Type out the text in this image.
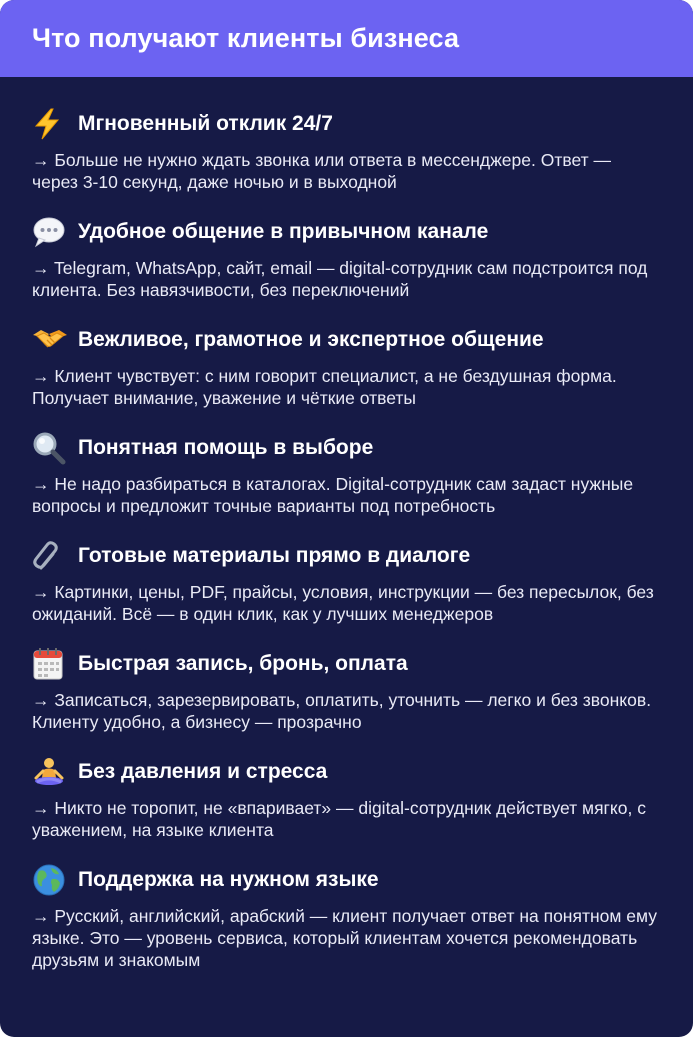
Что получают клиенты бизнеса
Мгновенный отклик 24/7
→ Больше не нужно ждать звонка или ответа в мессенджере. Ответ — через 3-10 секунд, даже ночью и в выходной
Удобное общение в привычном канале
→ Telegram, WhatsApp, сайт, email — digital-сотрудник сам подстроится под клиента. Без навязчивости, без переключений
Вежливое, грамотное и экспертное общение
→ Клиент чувствует: с ним говорит специалист, а не бездушная форма. Получает внимание, уважение и чёткие ответы
Понятная помощь в выборе
→ Не надо разбираться в каталогах. Digital-сотрудник сам задаст нужные вопросы и предложит точные варианты под потребность
Готовые материалы прямо в диалоге
→ Картинки, цены, PDF, прайсы, условия, инструкции — без пересылок, без ожиданий. Всё — в один клик, как у лучших менеджеров
Быстрая запись, бронь, оплата
→ Записаться, зарезервировать, оплатить, уточнить — легко и без звонков. Клиенту удобно, а бизнесу — прозрачно
Без давления и стресса
→ Никто не торопит, не «впаривает» — digital-сотрудник действует мягко, с уважением, на языке клиента
Поддержка на нужном языке
→ Русский, английский, арабский — клиент получает ответ на понятном ему языке. Это — уровень сервиса, который клиентам хочется рекомендовать друзьям и знакомым
